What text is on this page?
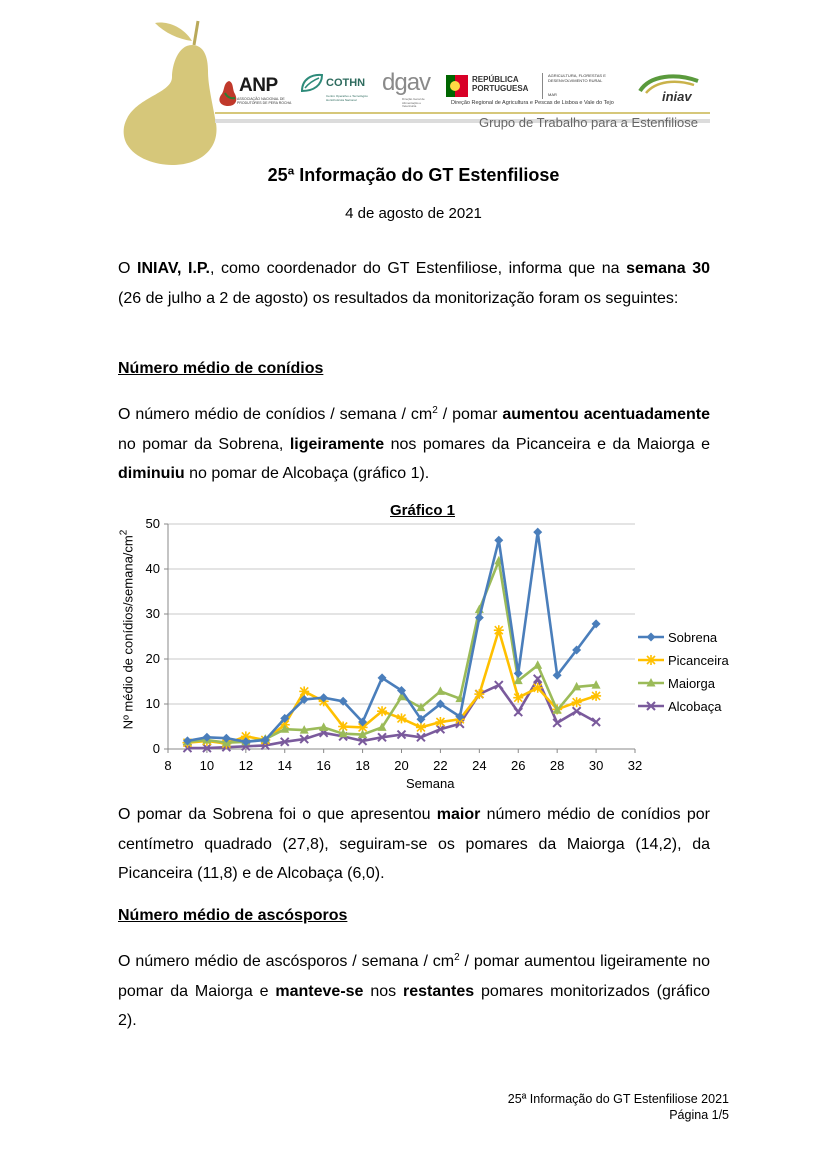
ANP
ASSOCIAÇÃO NACIONAL DE PRODUTORES DE PERA ROCHA
COTHN
Centro Operativo e Tecnológico Hortofrutícola Nacional
dgav
Direção Geral de Alimentação e Veterinária
REPÚBLICA PORTUGUESA
AGRICULTURA, FLORESTAS E DESENVOLVIMENTO RURAL
MAR
Direção Regional de Agricultura e Pescas de Lisboa e Vale do Tejo	iniav
Grupo de Trabalho para a Estenfiliose
25ª Informação do GT Estenfiliose
4 de agosto de 2021
O INIAV, I.P., como coordenador do GT Estenfiliose, informa que na semana 30 (26 de julho a 2 de agosto) os resultados da monitorização foram os seguintes:
Número médio de conídios
O número médio de conídios / semana / $cm^2$ / pomar aumentou acentuadamente no pomar da Sobrena, ligeiramente nos pomares da Picanceira e da Maiorga e diminuiu no pomar de Alcobaça (gráfico 1).
Gráfico 1
Nº médio de conídios/$semana/cm^2$
Semana
0
10
20
30
40
50
8 10 12 14 16 18 20 22 24 26 28 30 32
Sobrena
Picanceira
Maiorga
Alcobaça
O pomar da Sobrena foi o que apresentou maior número médio de conídios por centímetro quadrado (27,8), seguiram-se os pomares da Maiorga (14,2), da Picanceira (11,8) e de Alcobaça (6,0).
Número médio de ascósporos
O número médio de ascósporos / semana / $cm^2$ / pomar aumentou ligeiramente no pomar da Maiorga e manteve-se nos restantes pomares monitorizados (gráfico 2).
25ª Informação do GT Estenfiliose 2021
Página 1/5
